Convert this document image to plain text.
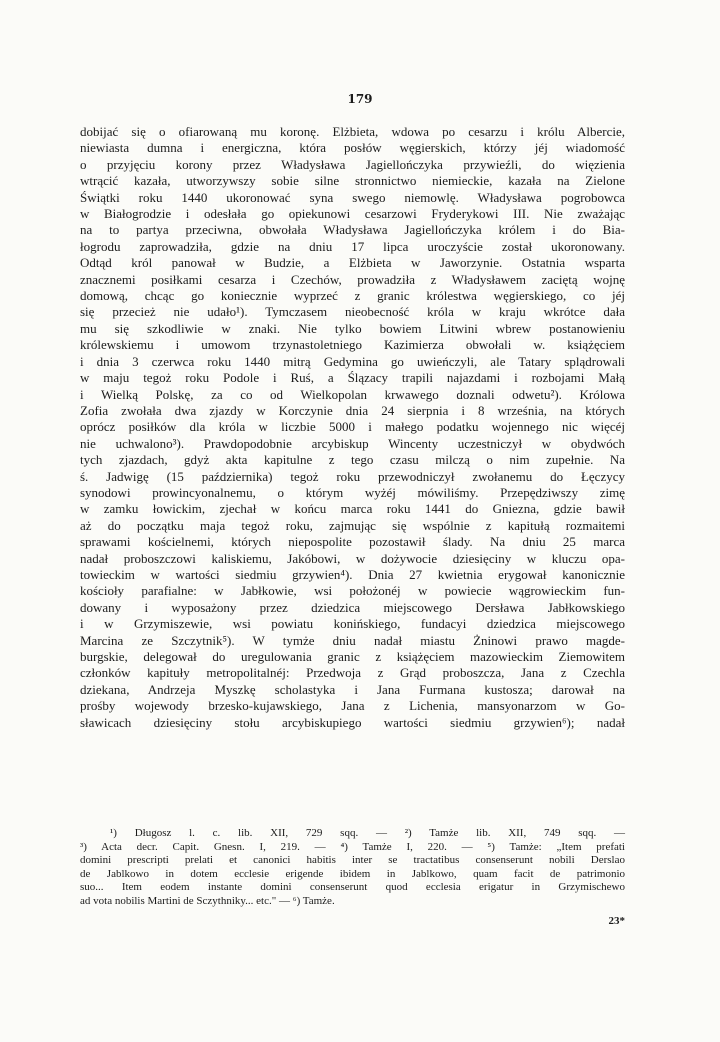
179
dobijać się o ofiarowaną mu koronę. Elżbieta, wdowa po cesarzu i królu Albercie,
niewiasta dumna i energiczna, która posłów węgierskich, którzy jéj wiadomość
o przyjęciu korony przez Władysława Jagiellończyka przywieźli, do więzienia
wtrącić kazała, utworzywszy sobie silne stronnictwo niemieckie, kazała na Zielone
Świątki roku 1440 ukoronować syna swego niemowlę. Władysława pogrobowca
w Białogrodzie i odesłała go opiekunowi cesarzowi Fryderykowi III. Nie zważając
na to partya przeciwna, obwołała Władysława Jagiellończyka królem i do Bia-
łogrodu zaprowadziła, gdzie na dniu 17 lipca uroczyście został ukoronowany.
Odtąd król panował w Budzie, a Elżbieta w Jaworzynie. Ostatnia wsparta
znacznemi posiłkami cesarza i Czechów, prowadziła z Władysławem zaciętą wojnę
domową, chcąc go koniecznie wyprzeć z granic królestwa węgierskiego, co jéj
się przecież nie udało¹). Tymczasem nieobecność króla w kraju wkrótce dała
mu się szkodliwie w znaki. Nie tylko bowiem Litwini wbrew postanowieniu
królewskiemu i umowom trzynastoletniego Kazimierza obwołali w. książęciem
i dnia 3 czerwca roku 1440 mitrą Gedymina go uwieńczyli, ale Tatary splądrowali
w maju tegoż roku Podole i Ruś, a Ślązacy trapili najazdami i rozbojami Małą
i Wielką Polskę, za co od Wielkopolan krwawego doznali odwetu²). Królowa
Zofia zwołała dwa zjazdy w Korczynie dnia 24 sierpnia i 8 września, na których
oprócz posiłków dla króla w liczbie 5000 i małego podatku wojennego nic więcéj
nie uchwalono³). Prawdopodobnie arcybiskup Wincenty uczestniczył w obydwóch
tych zjazdach, gdyż akta kapitulne z tego czasu milczą o nim zupełnie. Na
ś. Jadwigę (15 października) tegoż roku przewodniczył zwołanemu do Łęczycy
synodowi prowincyonalnemu, o którym wyżéj mówiliśmy. Przepędziwszy zimę
w zamku łowickim, zjechał w końcu marca roku 1441 do Gniezna, gdzie bawił
aż do początku maja tegoż roku, zajmując się wspólnie z kapitułą rozmaitemi
sprawami kościelnemi, których niepospolite pozostawił ślady. Na dniu 25 marca
nadał proboszczowi kaliskiemu, Jakóbowi, w dożywocie dziesięciny w kluczu opa-
towieckim w wartości siedmiu grzywien⁴). Dnia 27 kwietnia erygował kanonicznie
kościoły parafialne: w Jabłkowie, wsi położonéj w powiecie wągrowieckim fun-
dowany i wyposażony przez dziedzica miejscowego Dersława Jabłkowskiego
i w Grzymiszewie, wsi powiatu konińskiego, fundacyi dziedzica miejscowego
Marcina ze Szczytnik⁵). W tymże dniu nadał miastu Żninowi prawo magde-
burgskie, delegował do uregulowania granic z książęciem mazowieckim Ziemowitem
członków kapituły metropolitalnéj: Przedwoja z Grąd proboszcza, Jana z Czechla
dziekana, Andrzeja Myszkę scholastyka i Jana Furmana kustosza; darował na
prośby wojewody brzesko-kujawskiego, Jana z Lichenia, mansyonarzom w Go-
sławicach dziesięciny stołu arcybiskupiego wartości siedmiu grzywien⁶); nadał
¹) Długosz l. c. lib. XII, 729 sqq. — ²) Tamże lib. XII, 749 sqq. —
³) Acta decr. Capit. Gnesn. I, 219. — ⁴) Tamże I, 220. — ⁵) Tamże: „Item prefati
domini prescripti prelati et canonici habitis inter se tractatibus consenserunt nobili Derslao
de Jablkowo in dotem ecclesie erigende ibidem in Jablkowo, quam facit de patrimonio
suo... Item eodem instante domini consenserunt quod ecclesia erigatur in Grzymischewo
ad vota nobilis Martini de Sczythniky... etc." — ⁶) Tamże.
23*
